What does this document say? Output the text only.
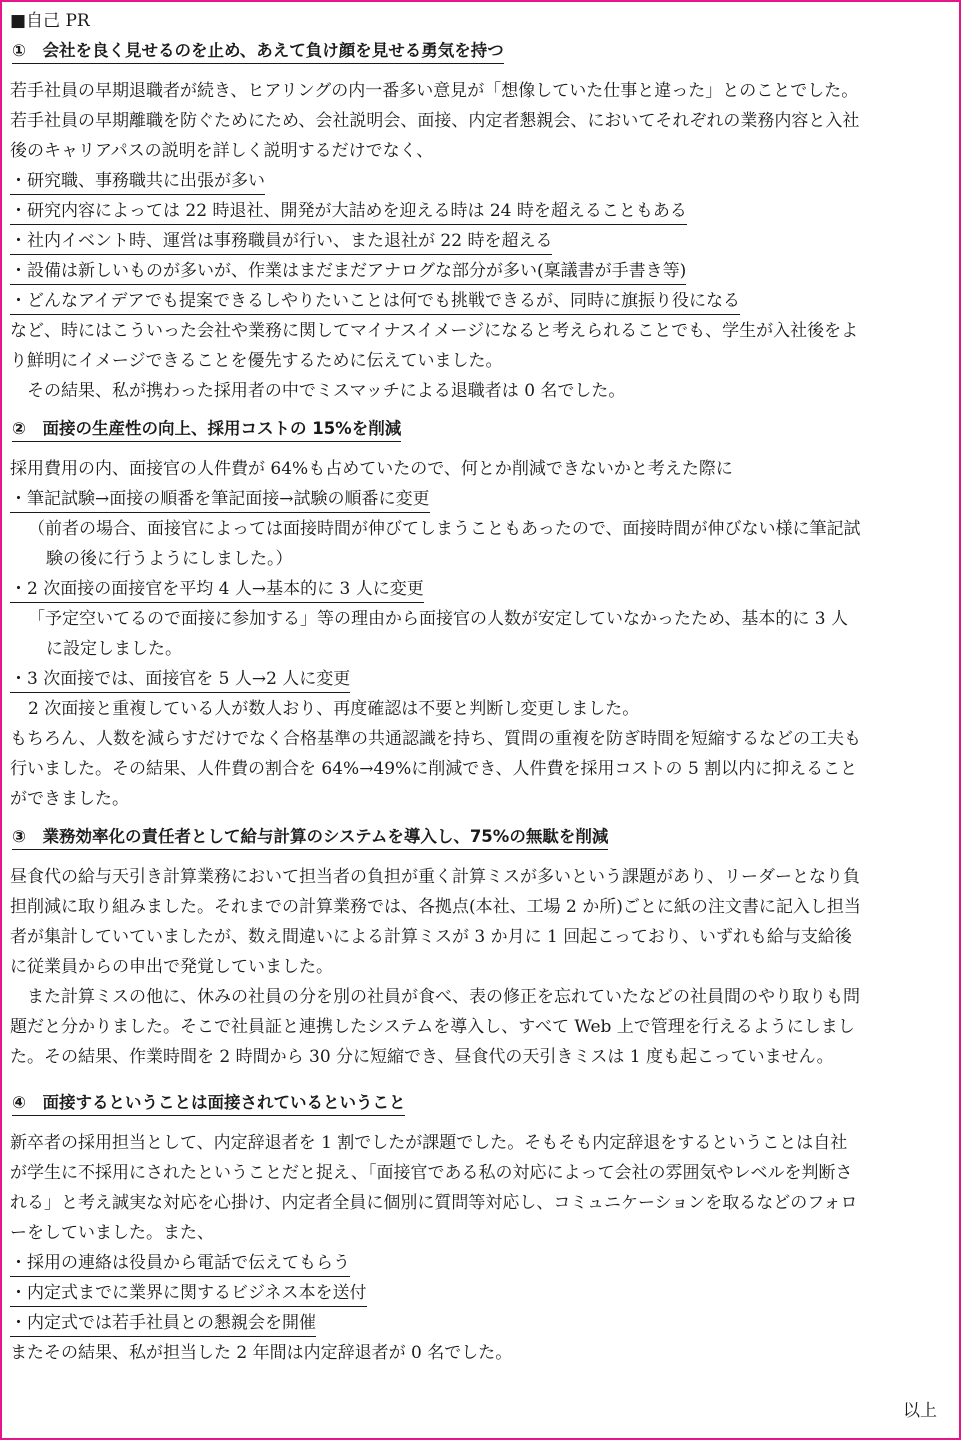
■自己 PR
①　会社を良く見せるのを止め、あえて負け顔を見せる勇気を持つ
若手社員の早期退職者が続き、ヒアリングの内一番多い意見が「想像していた仕事と違った」とのことでした。
若手社員の早期離職を防ぐためにため、会社説明会、面接、内定者懇親会、においてそれぞれの業務内容と入社
後のキャリアパスの説明を詳しく説明するだけでなく、
・研究職、事務職共に出張が多い
・研究内容によっては 22 時退社、開発が大詰めを迎える時は 24 時を超えることもある
・社内イベント時、運営は事務職員が行い、また退社が 22 時を超える
・設備は新しいものが多いが、作業はまだまだアナログな部分が多い(稟議書が手書き等)
・どんなアイデアでも提案できるしやりたいことは何でも挑戦できるが、同時に旗振り役になる
など、時にはこういった会社や業務に関してマイナスイメージになると考えられることでも、学生が入社後をよ
り鮮明にイメージできることを優先するために伝えていました。
　その結果、私が携わった採用者の中でミスマッチによる退職者は 0 名でした。
②　面接の生産性の向上、採用コストの 15%を削減
採用費用の内、面接官の人件費が 64%も占めていたので、何とか削減できないかと考えた際に
・筆記試験→面接の順番を筆記面接→試験の順番に変更
（前者の場合、面接官によっては面接時間が伸びてしまうこともあったので、面接時間が伸びない様に筆記試
験の後に行うようにしました。）
・2 次面接の面接官を平均 4 人→基本的に 3 人に変更
「予定空いてるので面接に参加する」等の理由から面接官の人数が安定していなかったため、基本的に 3 人
に設定しました。
・3 次面接では、面接官を 5 人→2 人に変更
2 次面接と重複している人が数人おり、再度確認は不要と判断し変更しました。
もちろん、人数を減らすだけでなく合格基準の共通認識を持ち、質問の重複を防ぎ時間を短縮するなどの工夫も
行いました。その結果、人件費の割合を 64%→49%に削減でき、人件費を採用コストの 5 割以内に抑えること
ができました。
③　業務効率化の責任者として給与計算のシステムを導入し、75%の無駄を削減
昼食代の給与天引き計算業務において担当者の負担が重く計算ミスが多いという課題があり、リーダーとなり負
担削減に取り組みました。それまでの計算業務では、各拠点(本社、工場 2 か所)ごとに紙の注文書に記入し担当
者が集計していていましたが、数え間違いによる計算ミスが 3 か月に 1 回起こっており、いずれも給与支給後
に従業員からの申出で発覚していました。
　また計算ミスの他に、休みの社員の分を別の社員が食べ、表の修正を忘れていたなどの社員間のやり取りも問
題だと分かりました。そこで社員証と連携したシステムを導入し、すべて Web 上で管理を行えるようにしまし
た。その結果、作業時間を 2 時間から 30 分に短縮でき、昼食代の天引きミスは 1 度も起こっていません。
④　面接するということは面接されているということ
新卒者の採用担当として、内定辞退者を 1 割でしたが課題でした。そもそも内定辞退をするということは自社
が学生に不採用にされたということだと捉え、「面接官である私の対応によって会社の雰囲気やレベルを判断さ
れる」と考え誠実な対応を心掛け、内定者全員に個別に質問等対応し、コミュニケーションを取るなどのフォロ
ーをしていました。また、
・採用の連絡は役員から電話で伝えてもらう
・内定式までに業界に関するビジネス本を送付
・内定式では若手社員との懇親会を開催
またその結果、私が担当した 2 年間は内定辞退者が 0 名でした。
以上
